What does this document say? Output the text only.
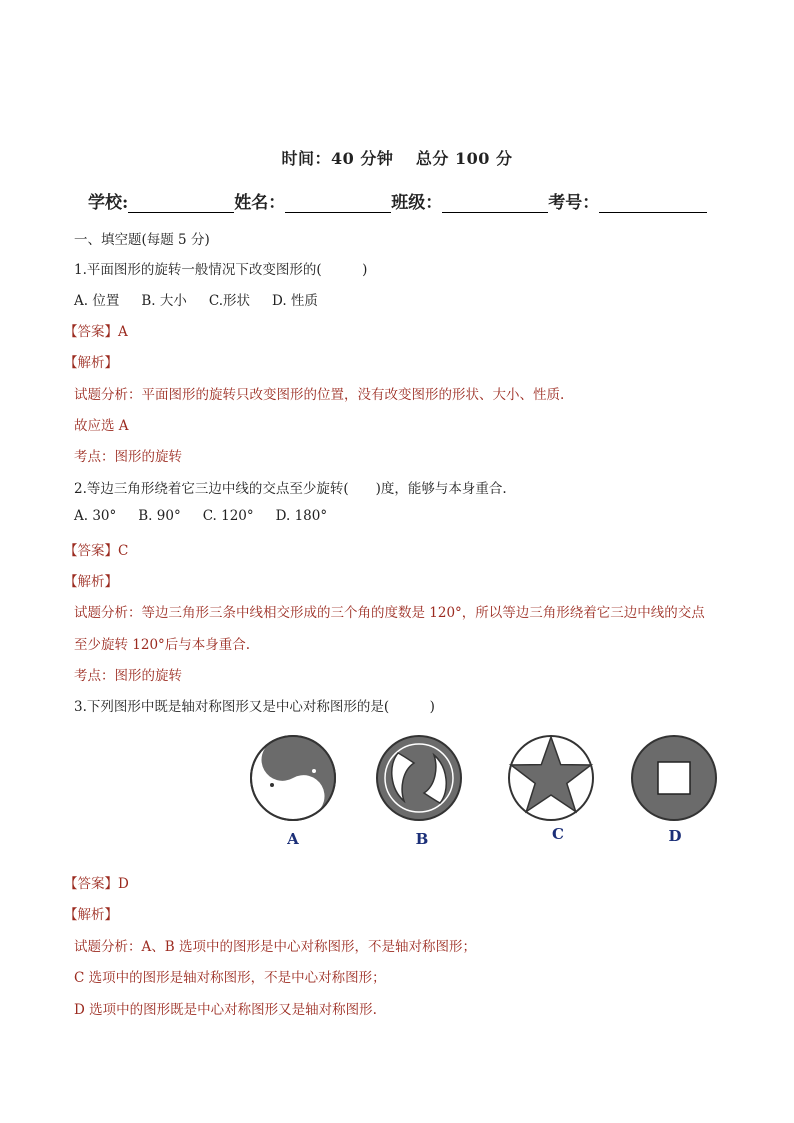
时间：40 分钟　 总分 100 分
学校:	姓名：	班级：	考号：
一、填空题(每题 5 分)
1.平面图形的旋转一般情况下改变图形的(　　　)
A. 位置 B. 大小 C.形状 D. 性质
【答案】A
【解析】
试题分析：平面图形的旋转只改变图形的位置，没有改变图形的形状、大小、性质.
故应选 A
考点：图形的旋转
2.等边三角形绕着它三边中线的交点至少旋转(　　)度，能够与本身重合.
A. 30° B. 90° C. 120° D. 180°
【答案】C
【解析】
试题分析：等边三角形三条中线相交形成的三个角的度数是 120°，所以等边三角形绕着它三边中线的交点
至少旋转 120°后与本身重合.
考点：图形的旋转
3.下列图形中既是轴对称图形又是中心对称图形的是(　　　)
A	B	C	D
【答案】D
【解析】
试题分析：A、B 选项中的图形是中心对称图形，不是轴对称图形；
C 选项中的图形是轴对称图形，不是中心对称图形；
D 选项中的图形既是中心对称图形又是轴对称图形.
